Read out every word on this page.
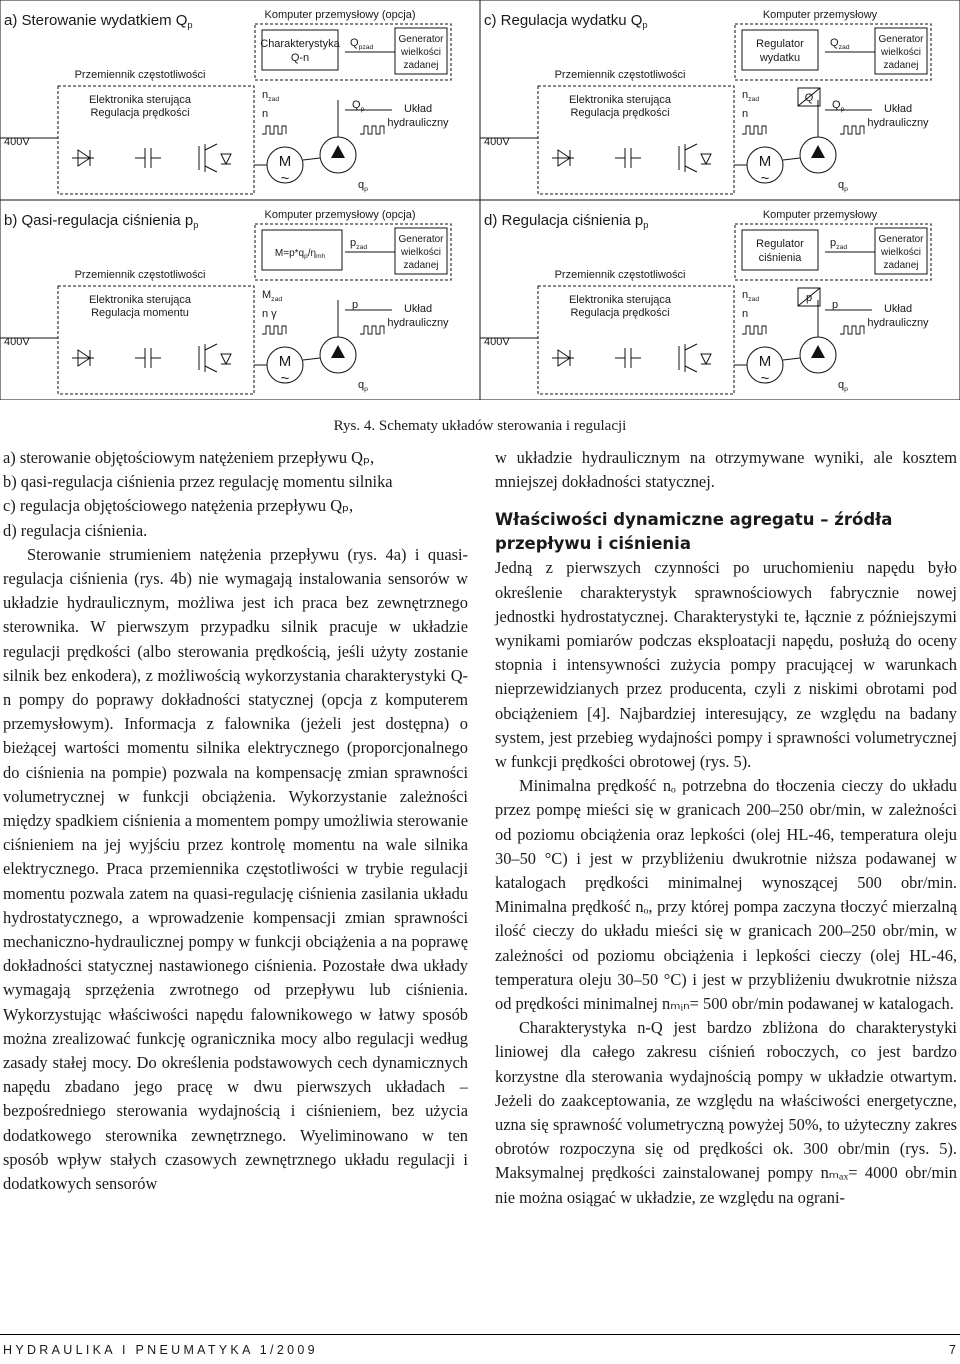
a) Sterowanie wydatkiem $Q_p$
Przemiennik częstotliwości
Elektronika sterująca
Regulacja prędkości
400V
M
~
Układ
hydrauliczny
$n_{zad}$
n
$Q_p$
$q_p$
Komputer przemysłowy (opcja)
Charakterystyka
Q-n
$Q_{pzad}$
Generator
wielkości
zadanej
c) Regulacja wydatku $Q_p$
Przemiennik częstotliwości
Elektronika sterująca
Regulacja prędkości
400V
M
~
Układ
hydrauliczny
$n_{zad}$
n
$Q_p$
$q_p$
Komputer przemysłowy
Regulator
wydatku
$Q_{zad}$
Generator
wielkości
zadanej
Q
b) Qasi-regulacja ciśnienia $p_p$
Przemiennik częstotliwości
Elektronika sterująca
Regulacja momentu
400V
M
~
Układ
hydrauliczny
$M_{zad}$
n γ
p
$q_p$
Komputer przemysłowy (opcja)
$M=p*q_p/\eta_{mh}$
$p_{zad}$
Generator
wielkości
zadanej
d) Regulacja ciśnienia $p_p$
Przemiennik częstotliwości
Elektronika sterująca
Regulacja prędkości
400V
M
~
Układ
hydrauliczny
$n_{zad}$
n
p
$q_p$
Komputer przemysłowy
Regulator
ciśnienia
$p_{zad}$
Generator
wielkości
zadanej
p
Rys. 4. Schematy układów sterowania i regulacji

a) sterowanie objętościowym natężeniem przepływu Qₚ,

b) qasi-regulacja ciśnienia przez regulację momentu silnika

c) regulacja objętościowego natężenia przepływu Qₚ,

d) regulacja ciśnienia.

Sterowanie strumieniem natężenia przepływu (rys. 4a) i quasi-regulacja ciśnienia (rys. 4b) nie wymagają instalowania sensorów w układzie hydraulicznym, możliwa jest ich praca bez zewnętrznego sterownika. W pierwszym przypadku silnik pracuje w układzie regulacji prędkości (albo sterowania prędkością, jeśli użyty zostanie silnik bez enkodera), z możliwością wykorzystania charakterystyki Q-n pompy do poprawy dokładności statycznej (opcja z komputerem przemysłowym). Informacja z falownika (jeżeli jest dostępna) o bieżącej wartości momentu silnika elektrycznego (proporcjonalnego do ciśnienia na pompie) pozwala na kompensację zmian sprawności volumetrycznej w funkcji obciążenia. Wykorzystanie zależności między spadkiem ciśnienia a momentem pompy umożliwia sterowanie ciśnieniem na jej wyjściu przez kontrolę momentu na wale silnika elektrycznego. Praca przemiennika częstotliwości w trybie regulacji momentu pozwala zatem na quasi-regulację ciśnienia zasilania układu hydrostatycznego, a wprowadzenie kompensacji zmian sprawności mechaniczno-hydraulicznej pompy w funkcji obciążenia a na poprawę dokładności statycznej nastawionego ciśnienia. Pozostałe dwa układy wymagają sprzężenia zwrotnego od przepływu lub ciśnienia. Wykorzystując właściwości napędu falownikowego w łatwy sposób można zrealizować funkcję ogranicznika mocy albo regulacji według zasady stałej mocy. Do określenia podstawowych cech dynamicznych napędu zbadano jego pracę w dwu pierwszych układach – bezpośredniego sterowania wydajnością i ciśnieniem, bez użycia dodatkowego sterownika zewnętrznego. Wyeliminowano w ten sposób wpływ stałych czasowych zewnętrznego układu regulacji i dodatkowych sensorów

w układzie hydraulicznym na otrzymywane wyniki, ale kosztem mniejszej dokładności statycznej.

Właściwości dynamiczne agregatu – źródła przepływu i ciśnienia

Jedną z pierwszych czynności po uruchomieniu napędu było określenie charakterystyk sprawnościowych fabrycznie nowej jednostki hydrostatycznej. Charakterystyki te, łącznie z późniejszymi wynikami pomiarów podczas eksploatacji napędu, posłużą do oceny stopnia i intensywności zużycia pompy pracującej w warunkach nieprzewidzianych przez producenta, czyli z niskimi obrotami pod obciążeniem [4]. Najbardziej interesujący, ze względu na badany system, jest przebieg wydajności pompy i sprawności volumetrycznej w funkcji prędkości obrotowej (rys. 5).

Minimalna prędkość nₒ potrzebna do tłoczenia cieczy do układu przez pompę mieści się w granicach 200–250 obr/min, w zależności od poziomu obciążenia oraz lepkości (olej HL-46, temperatura oleju 30–50 °C) i jest w przybliżeniu dwukrotnie niższa podawanej w katalogach prędkości minimalnej wynoszącej 500 obr/min. Minimalna prędkość nₒ, przy której pompa zaczyna tłoczyć mierzalną ilość cieczy do układu mieści się w granicach 200–250 obr/min, w zależności od poziomu obciążenia i lepkości cieczy (olej HL-46, temperatura oleju 30–50 °C) i jest w przybliżeniu dwukrotnie niższa od prędkości minimalnej nₘᵢₙ= 500 obr/min podawanej w katalogach.

Charakterystyka n-Q jest bardzo zbliżona do charakterystyki liniowej dla całego zakresu ciśnień roboczych, co jest bardzo korzystne dla sterowania wydajnością pompy w układzie otwartym. Jeżeli do zaakceptowania, ze względu na właściwości energetyczne, uzna się sprawność volumetryczną powyżej 50%, to użyteczny zakres obrotów rozpoczyna się od prędkości ok. 300 obr/min (rys. 5). Maksymalnej prędkości zainstalowanej pompy nₘₐₓ= 4000 obr/min nie można osiągać w układzie, ze względu na ograni-

HYDRAULIKA I PNEUMATYKA 1/2009	7
